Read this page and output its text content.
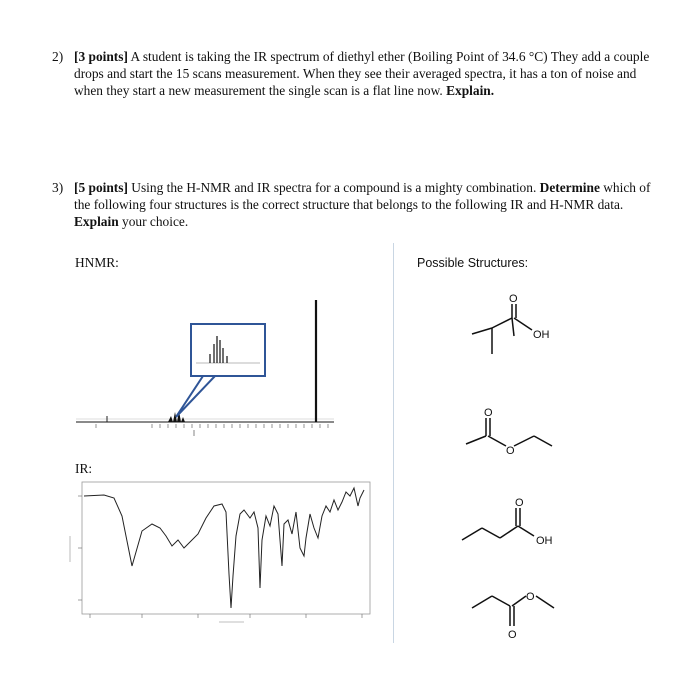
2) [3 points] A student is taking the IR spectrum of diethyl ether (Boiling Point of 34.6 °C) They add a couple drops and start the 15 scans measurement. When they see their averaged spectra, it has a ton of noise and when they start a new measurement the single scan is a flat line now. Explain.
3) [5 points] Using the H-NMR and IR spectra for a compound is a mighty combination. Determine which of the following four structures is the correct structure that belongs to the following IR and H-NMR data. Explain your choice.
HNMR:	Possible Structures:
IR:
O
OH
O
O
O
OH
O
O
